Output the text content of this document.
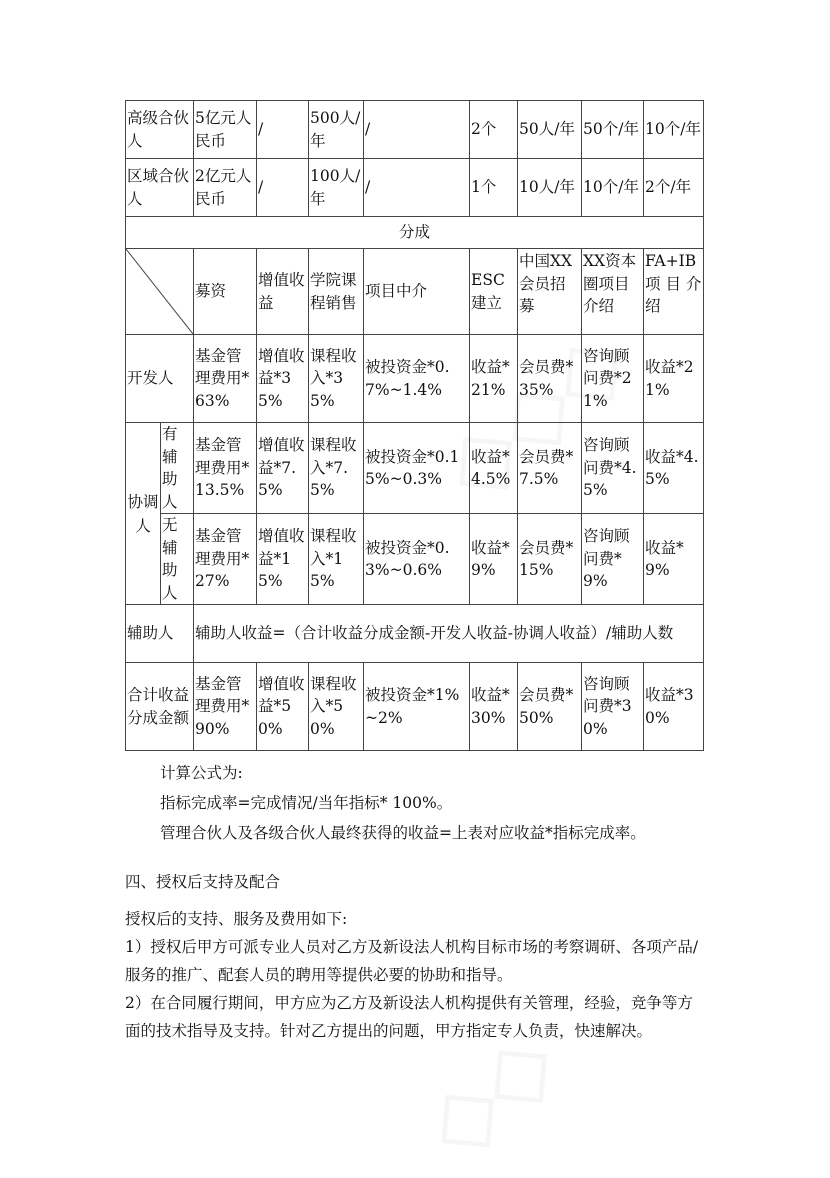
高级合伙人		5亿元人民币	/	500人/年	/	2个	50人/年	50个/年	10个/年
区域合伙人		2亿元人民币	/	100人/年	/	1个	10人/年	10个/年	2个/年
分成									

	募资	增值收益	学院课程销售	项目中介	ESC建立	中国XX会员招募	XX资本圈项目介绍	FA+IB 项 目 介绍
开发人		基金管理费用*63%	增值收益*35%	课程收入*35%	被投资金*0.7%~1.4%	收益*21%	会员费*35%	咨询顾问费*21%	收益*21%
协调人	有辅助人	基金管理费用*13.5%	增值收益*7.5%	课程收入*7.5%	被投资金*0.15%~0.3%	收益*4.5%	会员费*7.5%	咨询顾问费*4.5%	收益*4.5%
	无辅助人	基金管理费用*27%	增值收益*15%	课程收入*15%	被投资金*0.3%~0.6%	收益*9%	会员费*15%	咨询顾问费*9%	收益*9%
辅助人		辅助人收益=（合计收益分成金额-开发人收益-协调人收益）/辅助人数							
合计收益分成金额		基金管理费用*90%	增值收益*50%	课程收入*50%	被投资金*1%~2%	收益*30%	会员费*50%	咨询顾问费*30%	收益*30%
计算公式为:
指标完成率=完成情况/当年指标* 100%。
管理合伙人及各级合伙人最终获得的收益=上表对应收益*指标完成率。
四、授权后支持及配合

授权后的支持、服务及费用如下:

1）授权后甲方可派专业人员对乙方及新设法人机构目标市场的考察调研、各项产品/服务的推广、配套人员的聘用等提供必要的协助和指导。

2）在合同履行期间，甲方应为乙方及新设法人机构提供有关管理，经验，竞争等方面的技术指导及支持。针对乙方提出的问题，甲方指定专人负责，快速解决。
